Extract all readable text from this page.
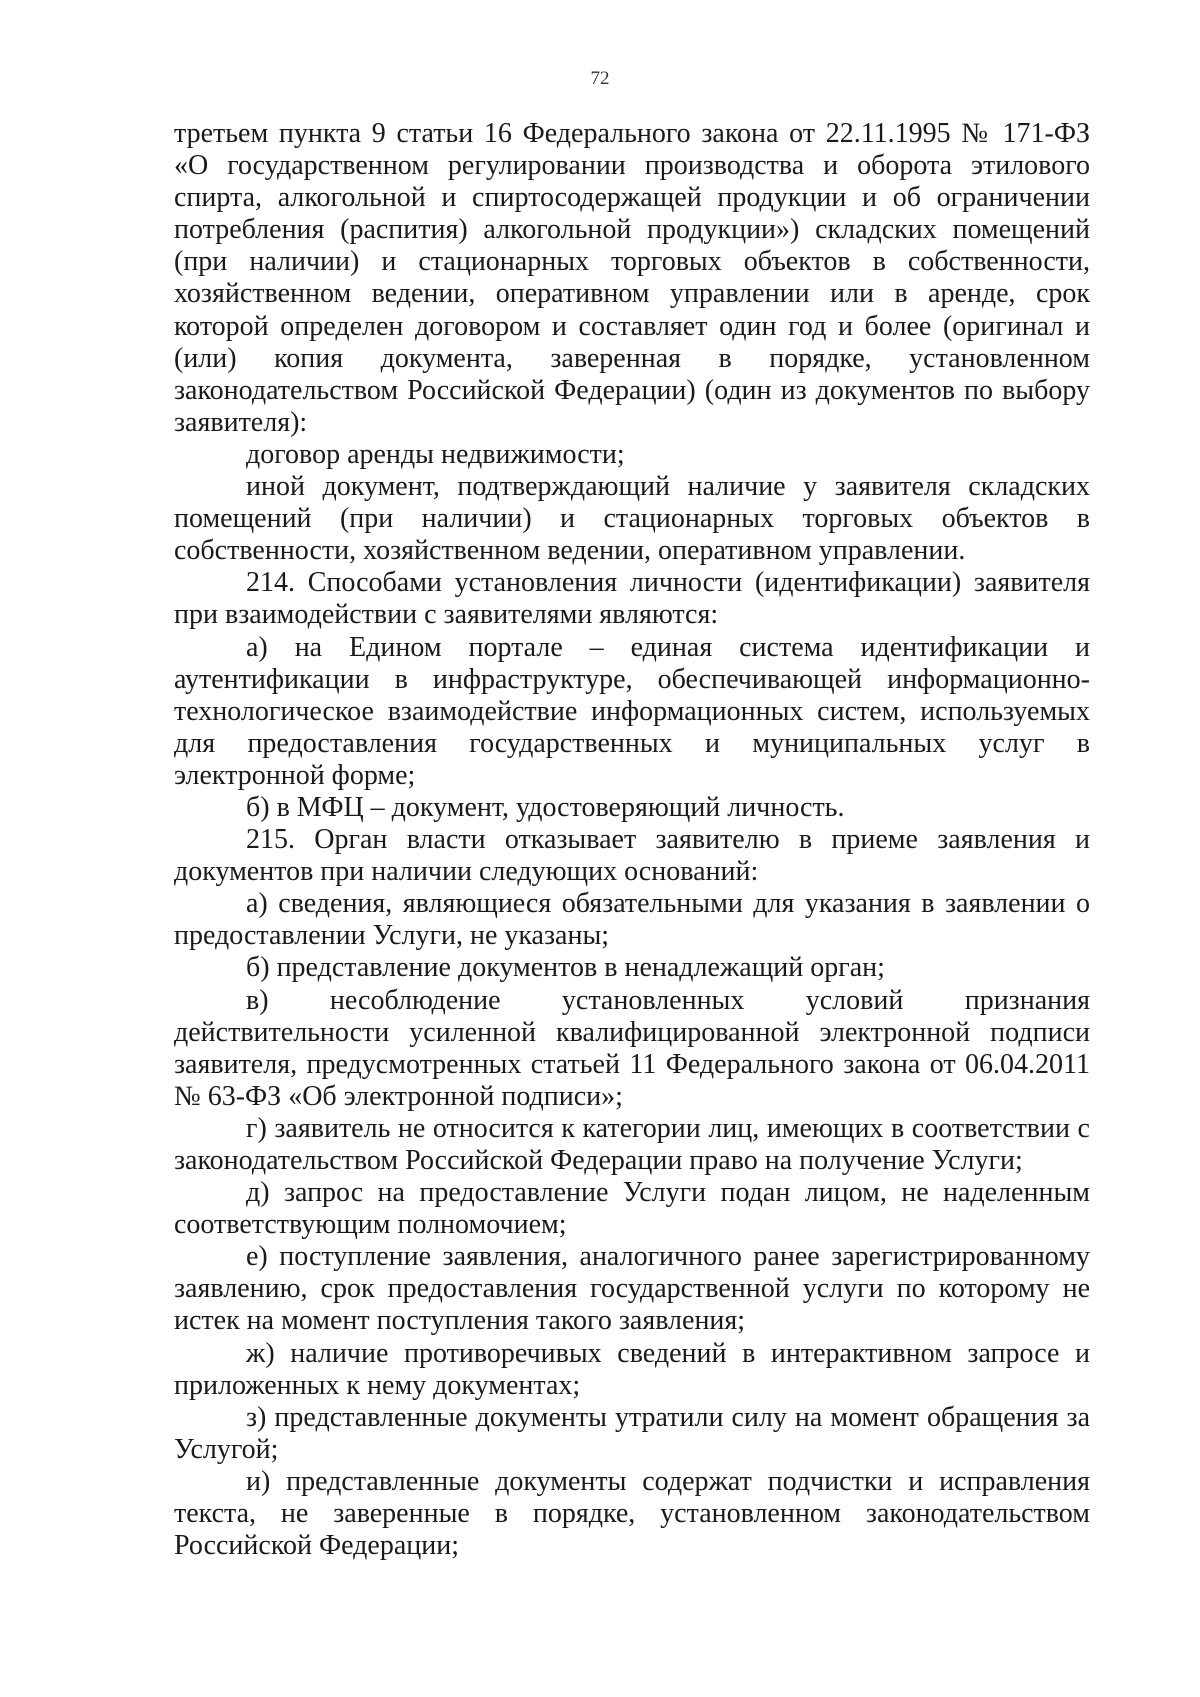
72

третьем пункта 9 статьи 16 Федерального закона от 22.11.1995 № 171-ФЗ «О государственном регулировании производства и оборота этилового спирта, алкогольной и спиртосодержащей продукции и об ограничении потребления (распития) алкогольной продукции») складских помещений (при наличии) и стационарных торговых объектов в собственности, хозяйственном ведении, оперативном управлении или в аренде, срок которой определен договором и составляет один год и более (оригинал и (или) копия документа, заверенная в порядке, установленном законодательством Российской Федерации) (один из документов по выбору заявителя):

договор аренды недвижимости;

иной документ, подтверждающий наличие у заявителя складских помещений (при наличии) и стационарных торговых объектов в собственности, хозяйственном ведении, оперативном управлении.

214. Способами установления личности (идентификации) заявителя при взаимодействии с заявителями являются:

а) на Едином портале – единая система идентификации и аутентификации в инфраструктуре, обеспечивающей информационно-технологическое взаимодействие информационных систем, используемых для предоставления государственных и муниципальных услуг в электронной форме;

б) в МФЦ – документ, удостоверяющий личность.

215. Орган власти отказывает заявителю в приеме заявления и документов при наличии следующих оснований:

а) сведения, являющиеся обязательными для указания в заявлении о предоставлении Услуги, не указаны;

б) представление документов в ненадлежащий орган;

в) несоблюдение установленных условий признания действительности усиленной квалифицированной электронной подписи заявителя, предусмотренных статьей 11 Федерального закона от 06.04.2011 № 63-ФЗ «Об электронной подписи»;

г) заявитель не относится к категории лиц, имеющих в соответствии с законодательством Российской Федерации право на получение Услуги;

д) запрос на предоставление Услуги подан лицом, не наделенным соответствующим полномочием;

е) поступление заявления, аналогичного ранее зарегистрированному заявлению, срок предоставления государственной услуги по которому не истек на момент поступления такого заявления;

ж) наличие противоречивых сведений в интерактивном запросе и приложенных к нему документах;

з) представленные документы утратили силу на момент обращения за Услугой;

и) представленные документы содержат подчистки и исправления текста, не заверенные в порядке, установленном законодательством Российской Федерации;
